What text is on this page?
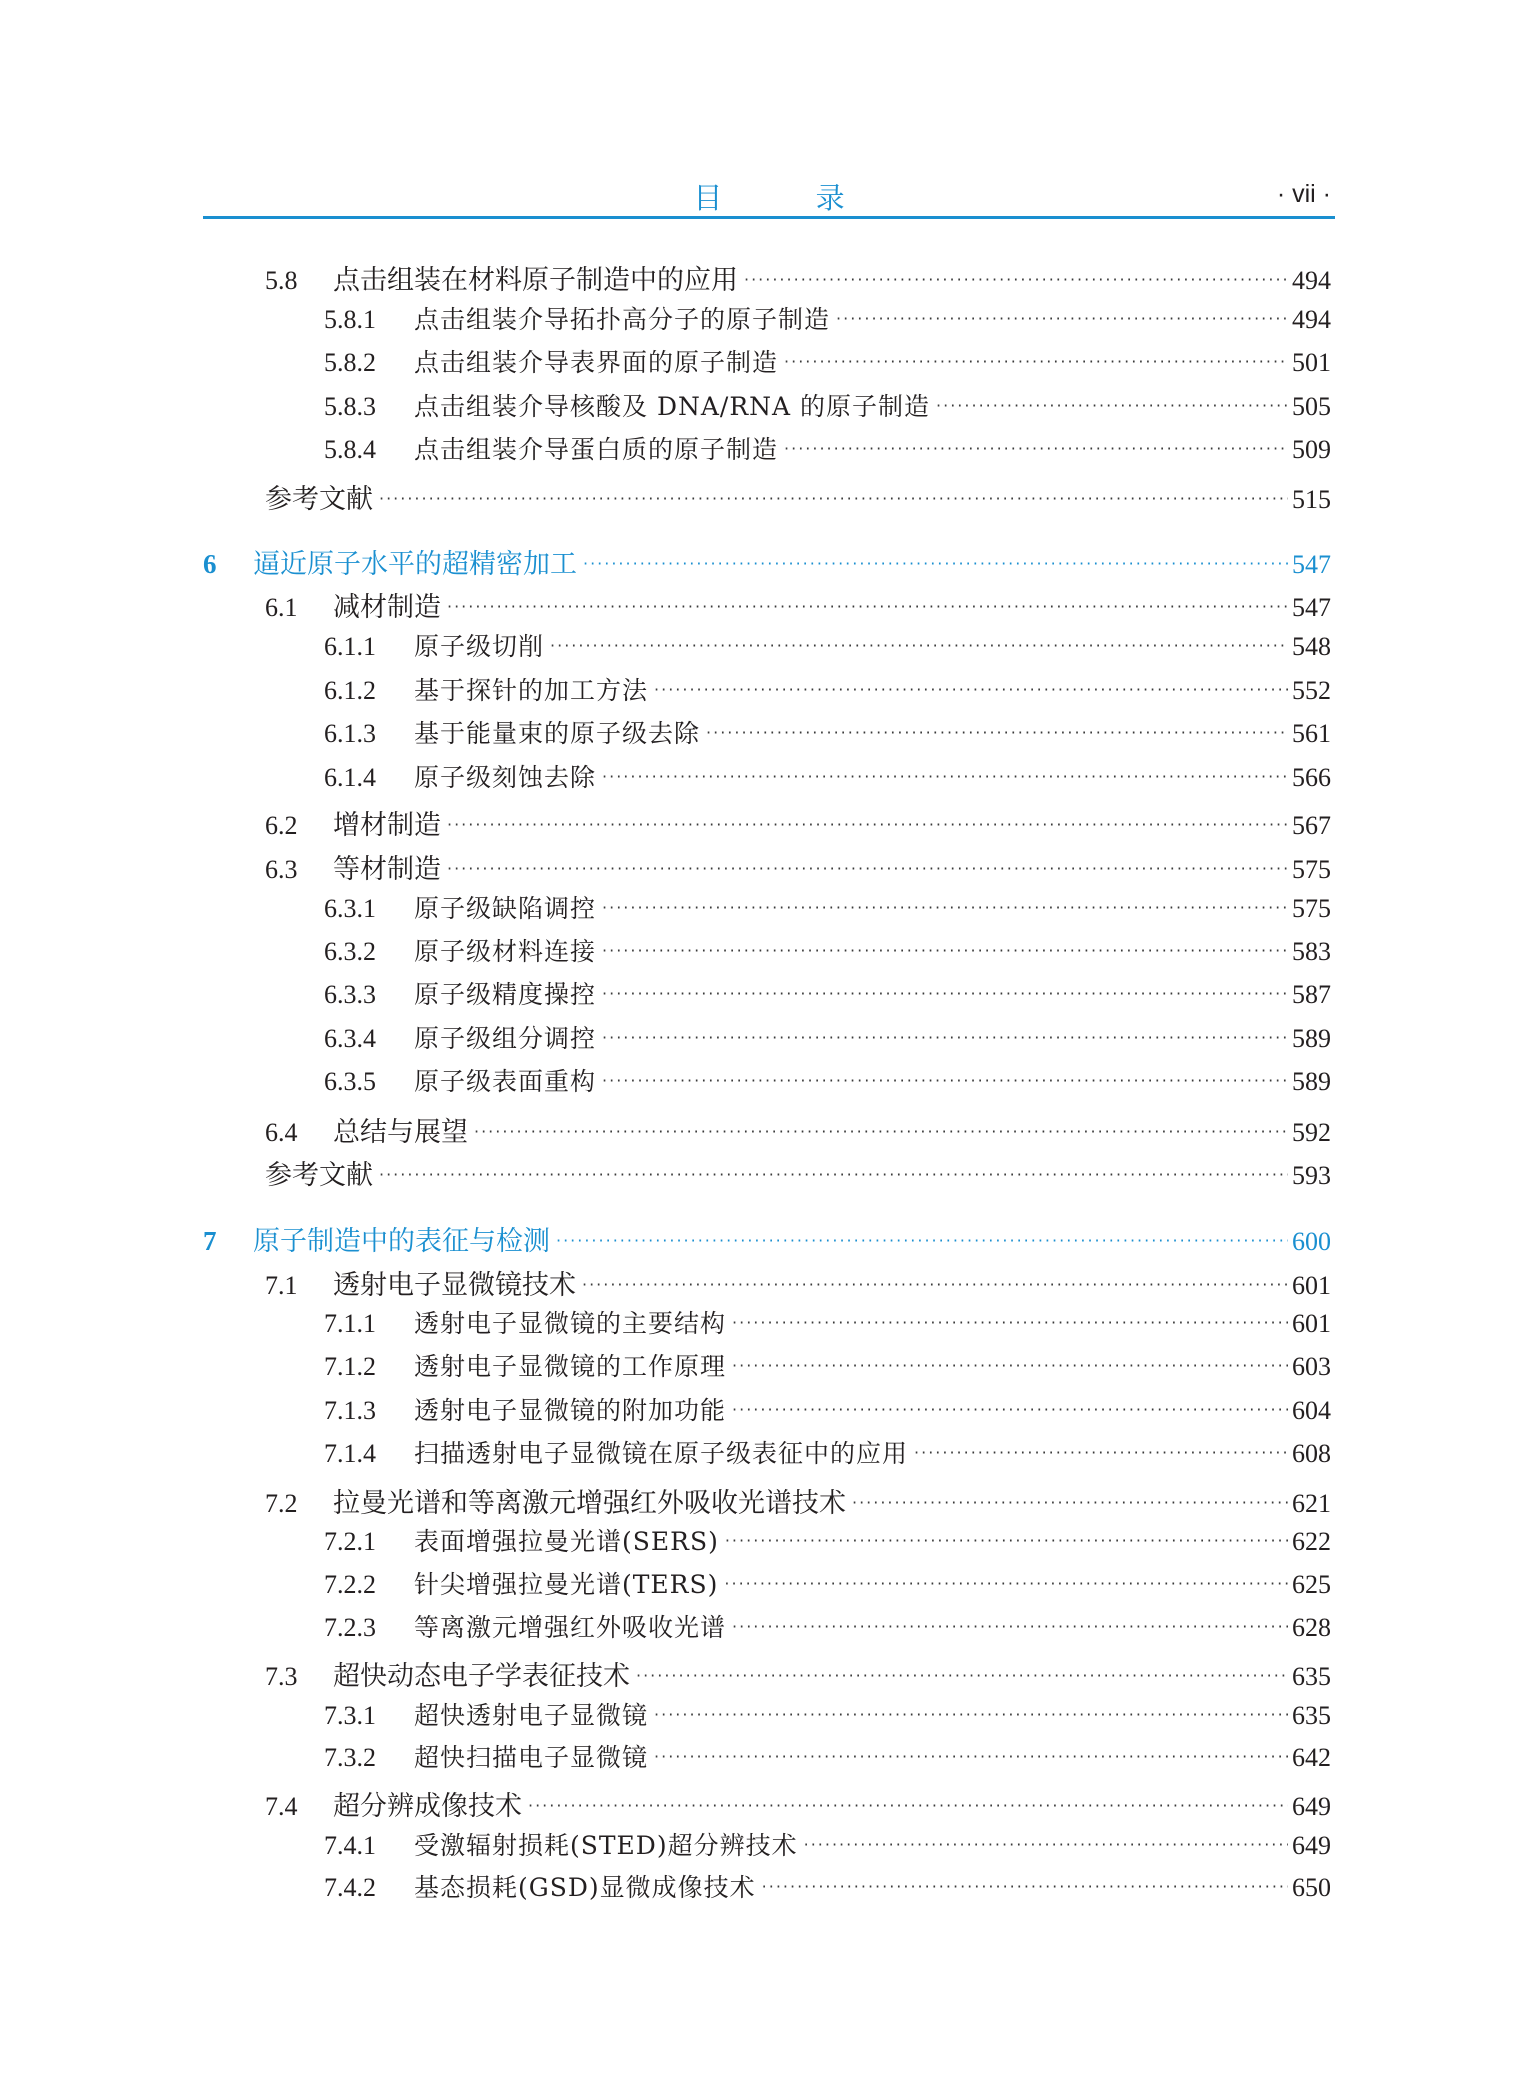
目 录	· vii ·
5.8	点击组装在材料原子制造中的应用 ·····	494
5.8.1	点击组装介导拓扑高分子的原子制造 ·····	494
5.8.2	点击组装介导表界面的原子制造 ·····	501
5.8.3	点击组装介导核酸及 DNA/RNA 的原子制造 ·····	505
5.8.4	点击组装介导蛋白质的原子制造 ·····	509
参考文献 ·····	515
6	逼近原子水平的超精密加工 ·····	547
6.1	减材制造 ·····	547
6.1.1	原子级切削 ·····	548
6.1.2	基于探针的加工方法 ·····	552
6.1.3	基于能量束的原子级去除 ·····	561
6.1.4	原子级刻蚀去除 ·····	566
6.2	增材制造 ·····	567
6.3	等材制造 ·····	575
6.3.1	原子级缺陷调控 ·····	575
6.3.2	原子级材料连接 ·····	583
6.3.3	原子级精度操控 ·····	587
6.3.4	原子级组分调控 ·····	589
6.3.5	原子级表面重构 ·····	589
6.4	总结与展望 ·····	592
参考文献 ·····	593
7	原子制造中的表征与检测 ·····	600
7.1	透射电子显微镜技术 ·····	601
7.1.1	透射电子显微镜的主要结构 ·····	601
7.1.2	透射电子显微镜的工作原理 ·····	603
7.1.3	透射电子显微镜的附加功能 ·····	604
7.1.4	扫描透射电子显微镜在原子级表征中的应用 ·····	608
7.2	拉曼光谱和等离激元增强红外吸收光谱技术 ·····	621
7.2.1	表面增强拉曼光谱(SERS) ·····	622
7.2.2	针尖增强拉曼光谱(TERS) ·····	625
7.2.3	等离激元增强红外吸收光谱 ·····	628
7.3	超快动态电子学表征技术 ·····	635
7.3.1	超快透射电子显微镜 ·····	635
7.3.2	超快扫描电子显微镜 ·····	642
7.4	超分辨成像技术 ·····	649
7.4.1	受激辐射损耗(STED)超分辨技术 ·····	649
7.4.2	基态损耗(GSD)显微成像技术 ·····	650
